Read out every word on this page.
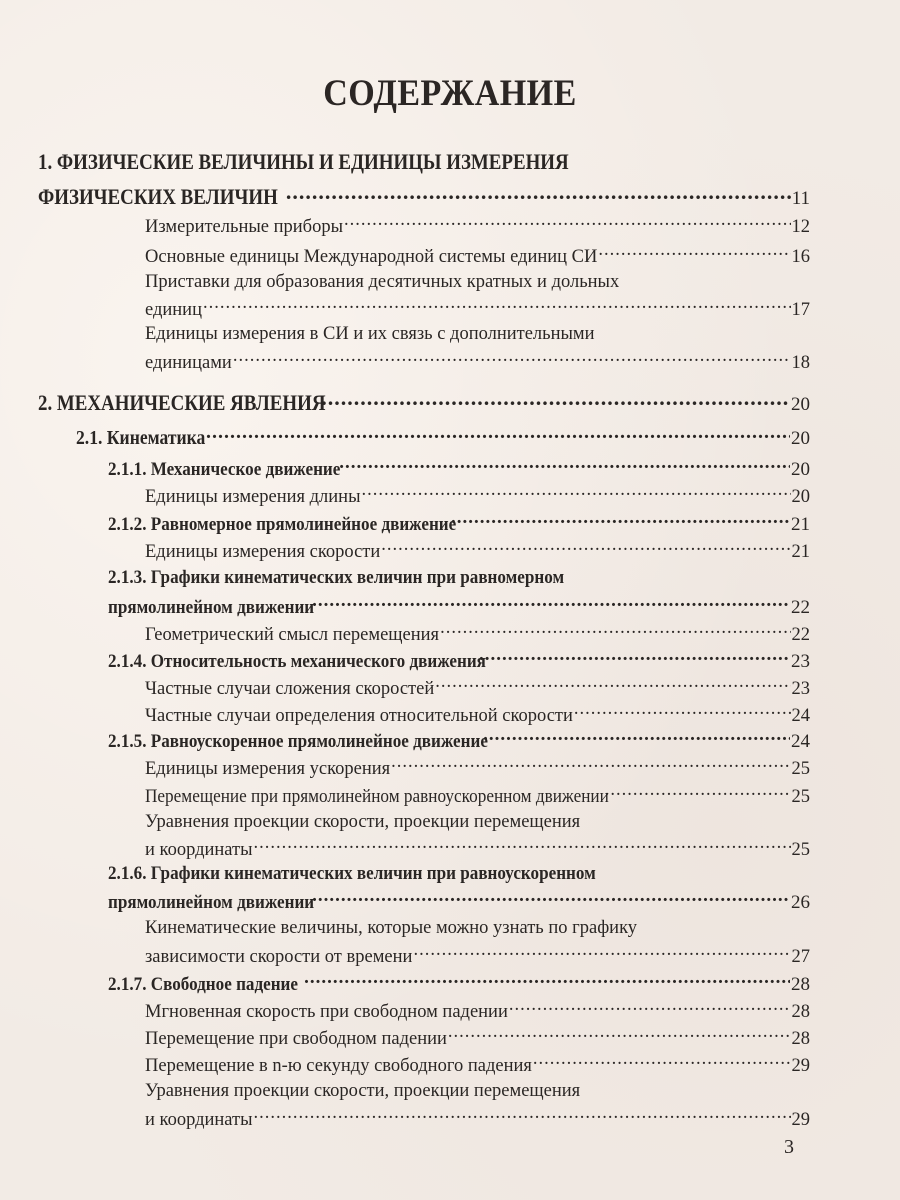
СОДЕРЖАНИЕ
1. ФИЗИЧЕСКИЕ ВЕЛИЧИНЫ И ЕДИНИЦЫ ИЗМЕРЕНИЯ
ФИЗИЧЕСКИХ ВЕЛИЧИН .....	11
Измерительные приборы .....	12
Основные единицы Международной системы единиц СИ .....	16
Приставки для образования десятичных кратных и дольных
единиц .....	17
Единицы измерения в СИ и их связь с дополнительными
единицами .....	18
2. МЕХАНИЧЕСКИЕ ЯВЛЕНИЯ .....	20
2.1. Кинематика .....	20
2.1.1. Механическое движение .....	20
Единицы измерения длины .....	20
2.1.2. Равномерное прямолинейное движение .....	21
Единицы измерения скорости .....	21
2.1.3. Графики кинематических величин при равномерном
прямолинейном движении .....	22
Геометрический смысл перемещения .....	22
2.1.4. Относительность механического движения .....	23
Частные случаи сложения скоростей .....	23
Частные случаи определения относительной скорости .....	24
2.1.5. Равноускоренное прямолинейное движение .....	24
Единицы измерения ускорения .....	25
Перемещение при прямолинейном равноускоренном движении .....	25
Уравнения проекции скорости, проекции перемещения
и координаты .....	25
2.1.6. Графики кинематических величин при равноускоренном
прямолинейном движении .....	26
Кинематические величины, которые можно узнать по графику
зависимости скорости от времени .....	27
2.1.7. Свободное падение .....	28
Мгновенная скорость при свободном падении .....	28
Перемещение при свободном падении .....	28
Перемещение в n-ю секунду свободного падения .....	29
Уравнения проекции скорости, проекции перемещения
и координаты .....	29
3
